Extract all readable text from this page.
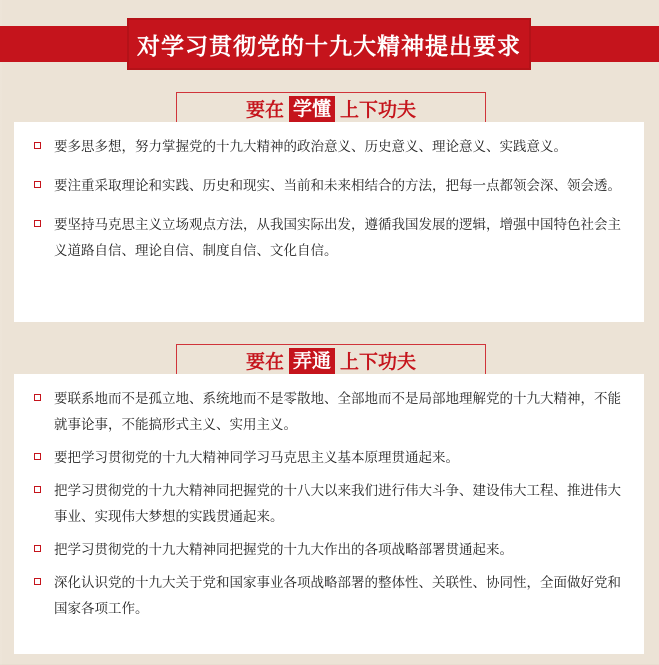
对学习贯彻党的十九大精神提出要求
要在 学懂 上下功夫
要多思多想，努力掌握党的十九大精神的政治意义、历史意义、理论意义、实践意义。
要注重采取理论和实践、历史和现实、当前和未来相结合的方法，把每一点都领会深、领会透。
要坚持马克思主义立场观点方法，从我国实际出发，遵循我国发展的逻辑，增强中国特色社会主义道路自信、理论自信、制度自信、文化自信。
要在 弄通 上下功夫
要联系地而不是孤立地、系统地而不是零散地、全部地而不是局部地理解党的十九大精神，不能就事论事，不能搞形式主义、实用主义。
要把学习贯彻党的十九大精神同学习马克思主义基本原理贯通起来。
把学习贯彻党的十九大精神同把握党的十八大以来我们进行伟大斗争、建设伟大工程、推进伟大事业、实现伟大梦想的实践贯通起来。
把学习贯彻党的十九大精神同把握党的十九大作出的各项战略部署贯通起来。
深化认识党的十九大关于党和国家事业各项战略部署的整体性、关联性、协同性，全面做好党和国家各项工作。
